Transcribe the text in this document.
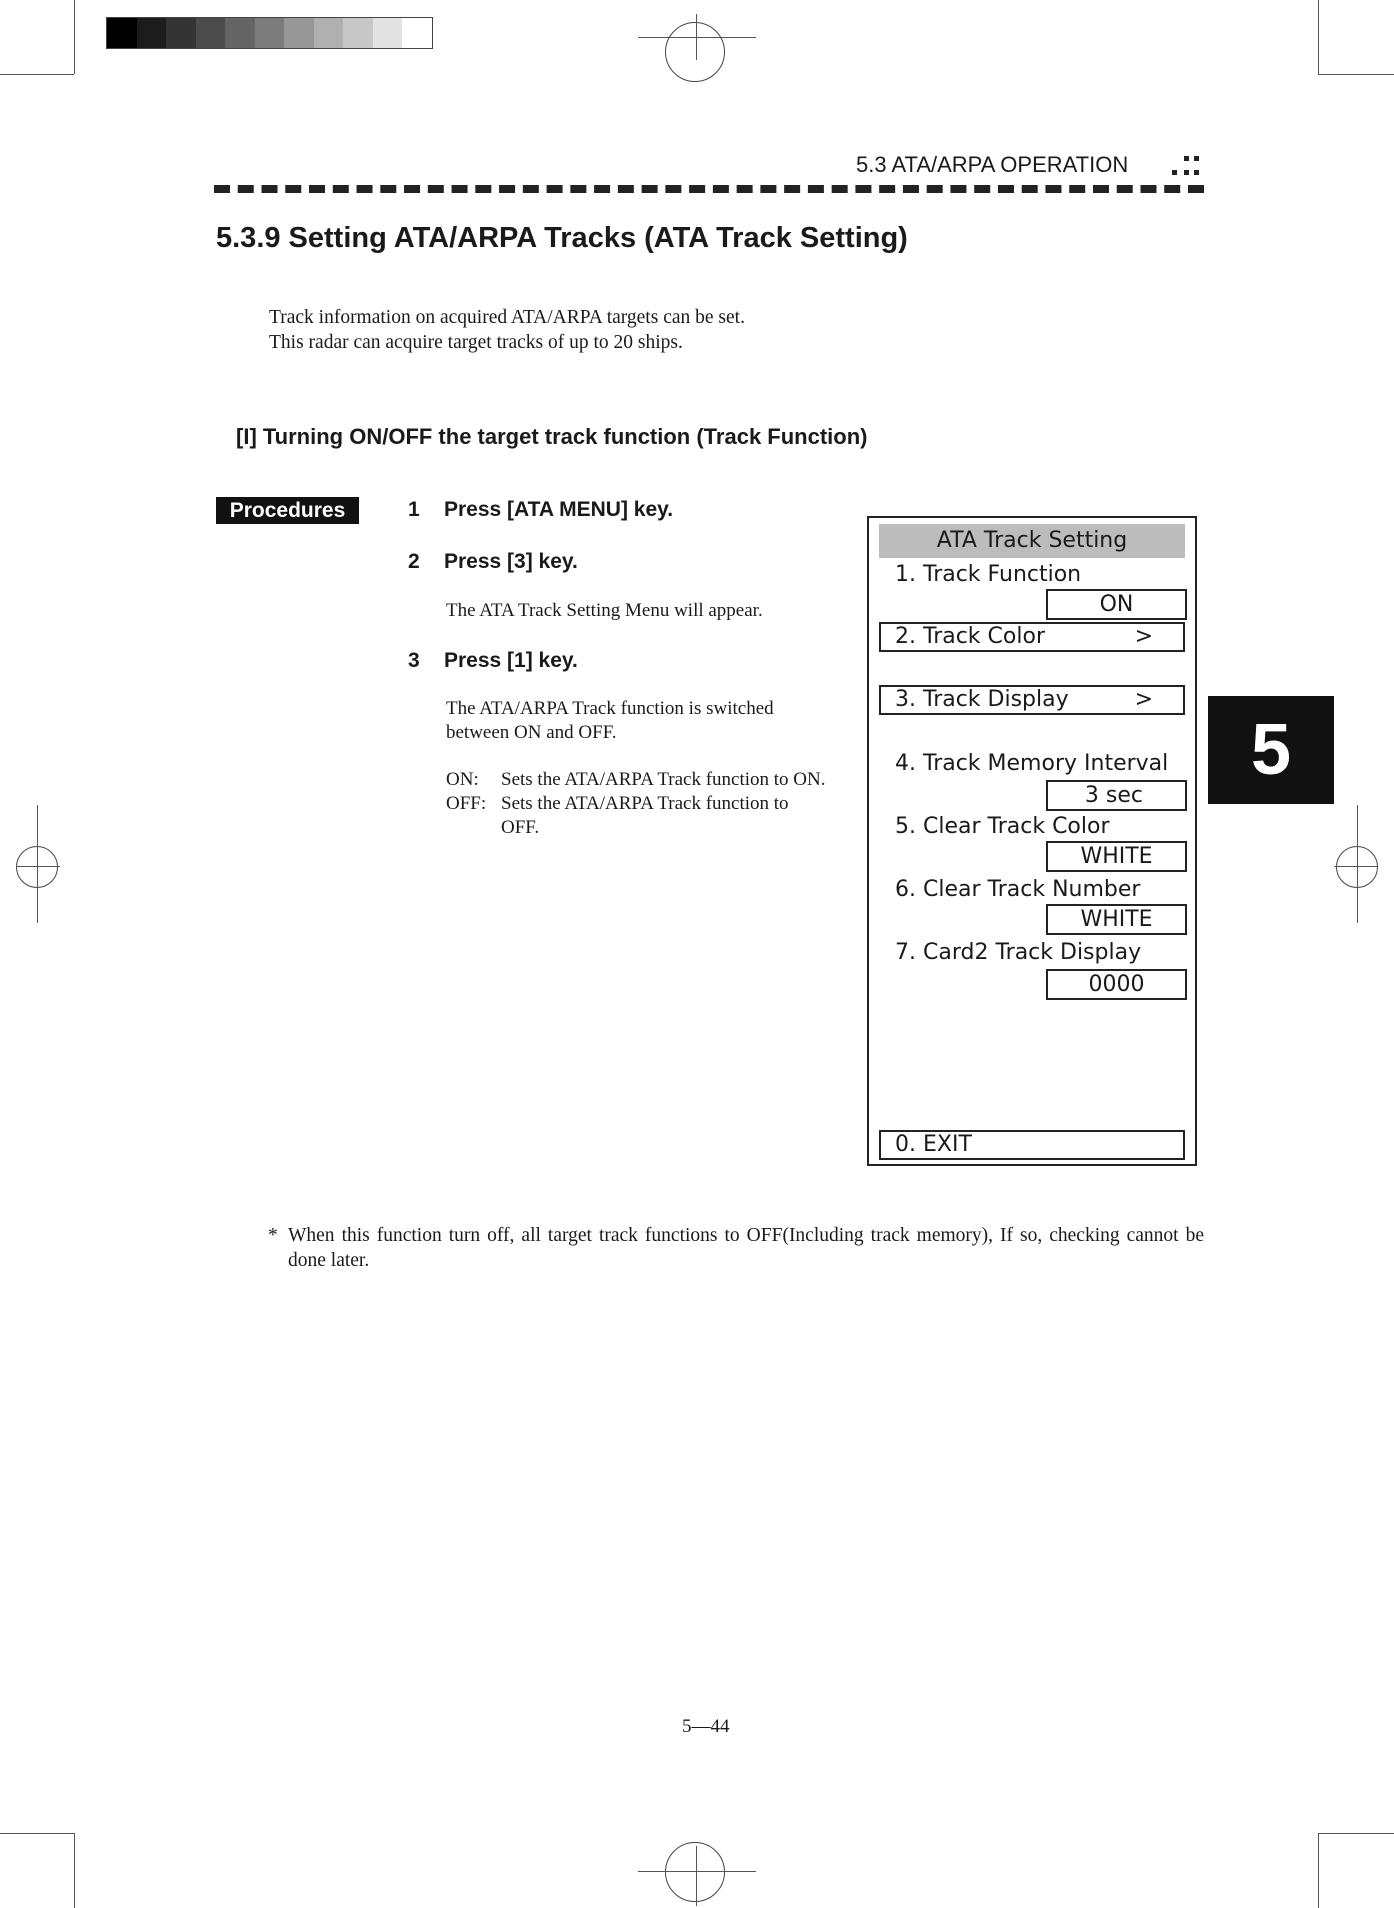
5.3 ATA/ARPA OPERATION
5.3.9 Setting ATA/ARPA Tracks (ATA Track Setting)
Track information on acquired ATA/ARPA targets can be set.
This radar can acquire target tracks of up to 20 ships.
[I] Turning ON/OFF the target track function (Track Function)
Procedures	1 Press [ATA MENU] key.
2 Press [3] key.
The ATA Track Setting Menu will appear.
3 Press [1] key.
The ATA/ARPA Track function is switched
between ON and OFF.
ON:	Sets the ATA/ARPA Track function to ON.
OFF: Sets the ATA/ARPA Track function to OFF.
ATA Track Setting
1. Track Function
ON
2. Track Color	>
3. Track Display	>
4. Track Memory Interval
3 sec
5. Clear Track Color
WHITE
6. Clear Track Number
WHITE
7. Card2 Track Display
0000
0. EXIT
5
* When this function turn off, all target track functions to OFF(Including track memory), If so, checking cannot be done later.
5—44
